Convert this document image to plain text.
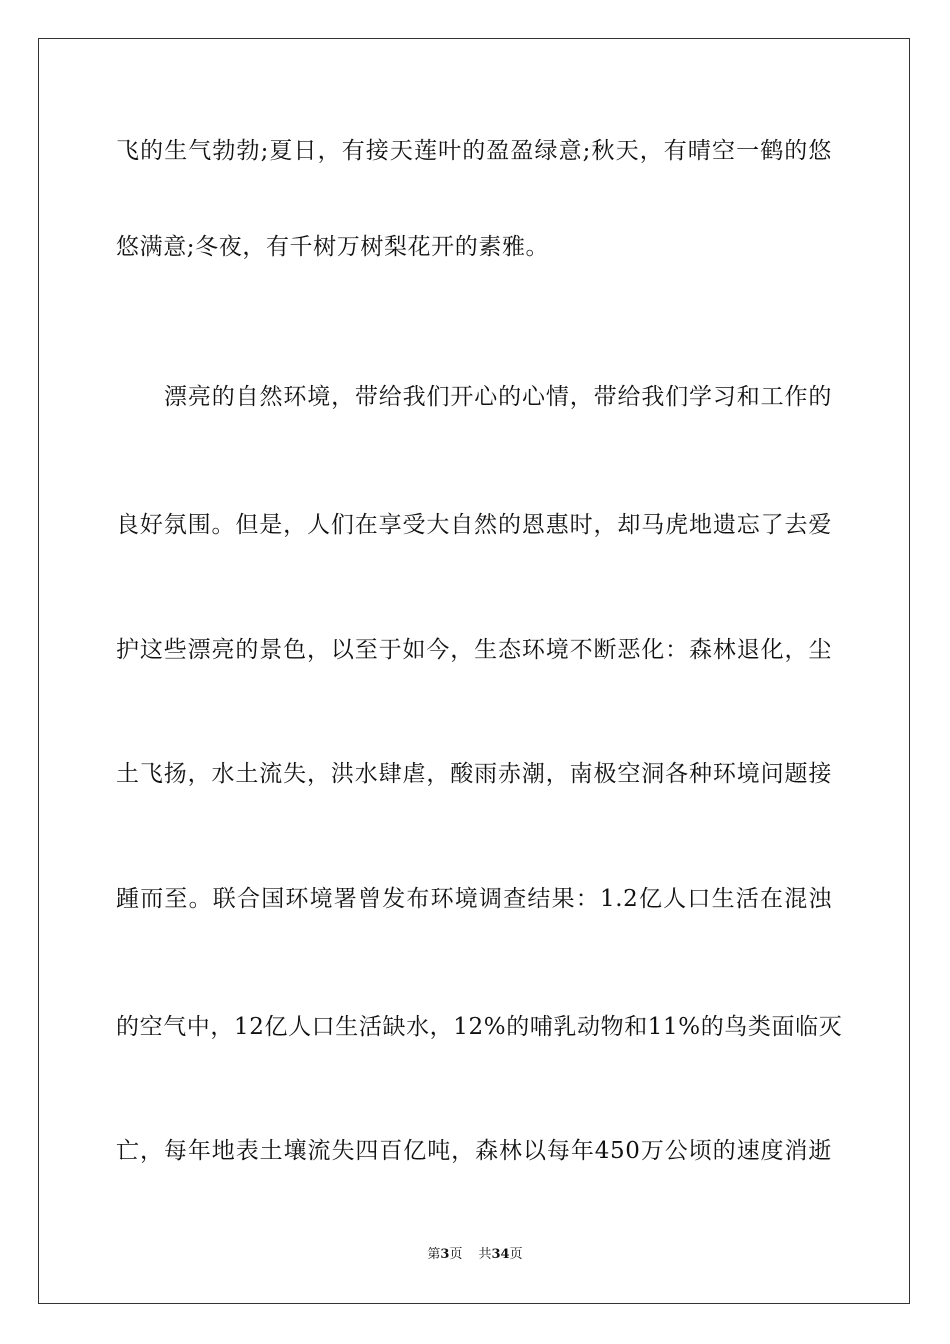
飞的生气勃勃;夏日，有接天莲叶的盈盈绿意;秋天，有晴空一鹤的悠
悠满意;冬夜，有千树万树梨花开的素雅。
漂亮的自然环境，带给我们开心的心情，带给我们学习和工作的
良好氛围。但是，人们在享受大自然的恩惠时，却马虎地遗忘了去爱
护这些漂亮的景色，以至于如今，生态环境不断恶化：森林退化，尘
土飞扬，水土流失，洪水肆虐，酸雨赤潮，南极空洞各种环境问题接
踵而至。联合国环境署曾发布环境调查结果：1.2亿人口生活在混浊
的空气中，12亿人口生活缺水，12%的哺乳动物和11%的鸟类面临灭
亡，每年地表土壤流失四百亿吨，森林以每年450万公顷的速度消逝
第3页 共34页
